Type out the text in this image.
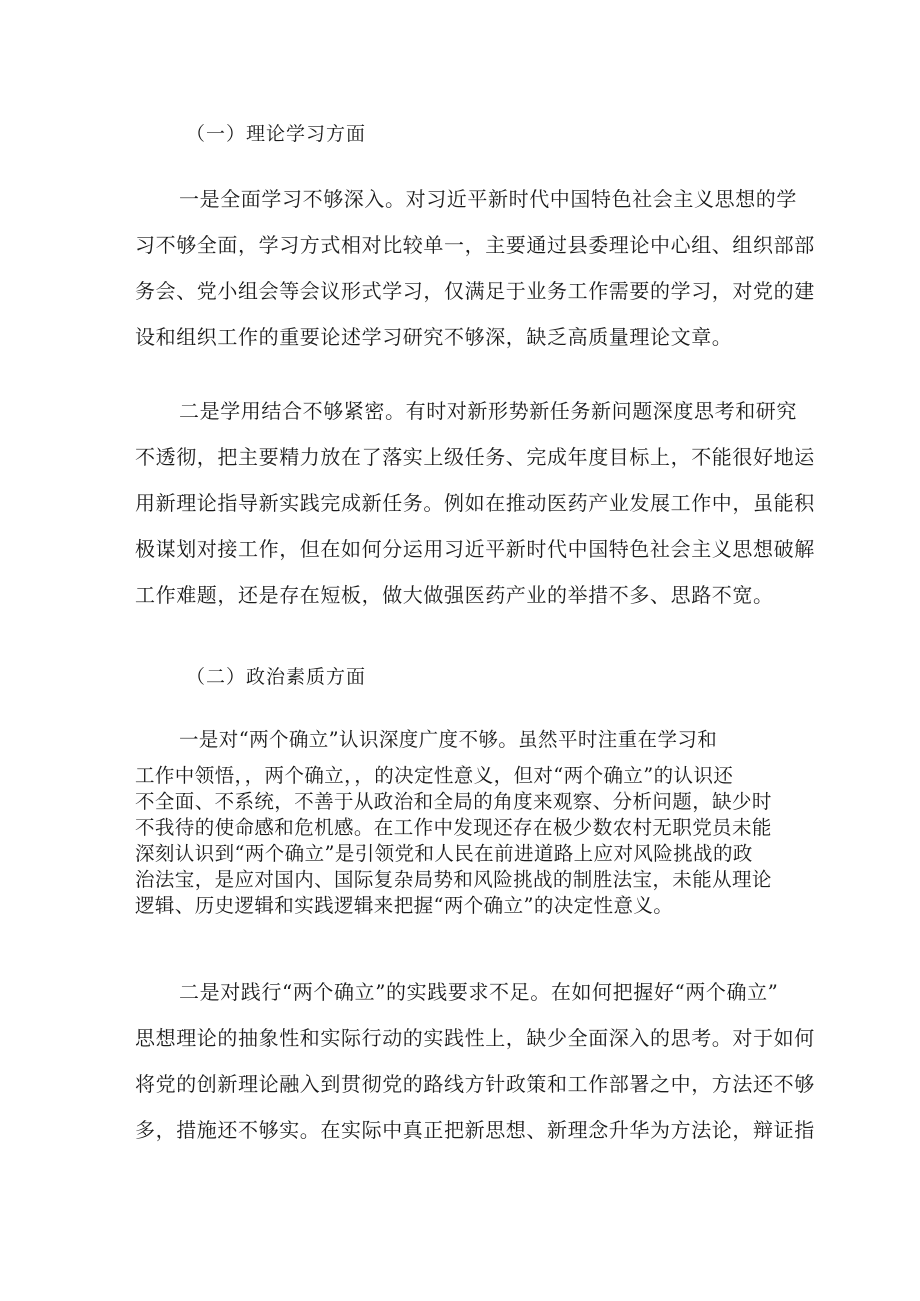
（一）理论学习方面
一是全面学习不够深入。对习近平新时代中国特色社会主义思想的学
习不够全面，学习方式相对比较单一，主要通过县委理论中心组、组织部部
务会、党小组会等会议形式学习，仅满足于业务工作需要的学习，对党的建
设和组织工作的重要论述学习研究不够深，缺乏高质量理论文章。
二是学用结合不够紧密。有时对新形势新任务新问题深度思考和研究
不透彻，把主要精力放在了落实上级任务、完成年度目标上，不能很好地运
用新理论指导新实践完成新任务。例如在推动医药产业发展工作中，虽能积
极谋划对接工作，但在如何分运用习近平新时代中国特色社会主义思想破解
工作难题，还是存在短板，做大做强医药产业的举措不多、思路不宽。
（二）政治素质方面
一是对“两个确立”认识深度广度不够。虽然平时注重在学习和
工作中领悟，，两个确立，，的决定性意义，但对“两个确立”的认识还
不全面、不系统，不善于从政治和全局的角度来观察、分析问题，缺少时
不我待的使命感和危机感。在工作中发现还存在极少数农村无职党员未能
深刻认识到“两个确立”是引领党和人民在前进道路上应对风险挑战的政
治法宝，是应对国内、国际复杂局势和风险挑战的制胜法宝，未能从理论
逻辑、历史逻辑和实践逻辑来把握“两个确立”的决定性意义。
二是对践行“两个确立”的实践要求不足。在如何把握好“两个确立”
思想理论的抽象性和实际行动的实践性上，缺少全面深入的思考。对于如何
将党的创新理论融入到贯彻党的路线方针政策和工作部署之中，方法还不够
多，措施还不够实。在实际中真正把新思想、新理念升华为方法论，辩证指
